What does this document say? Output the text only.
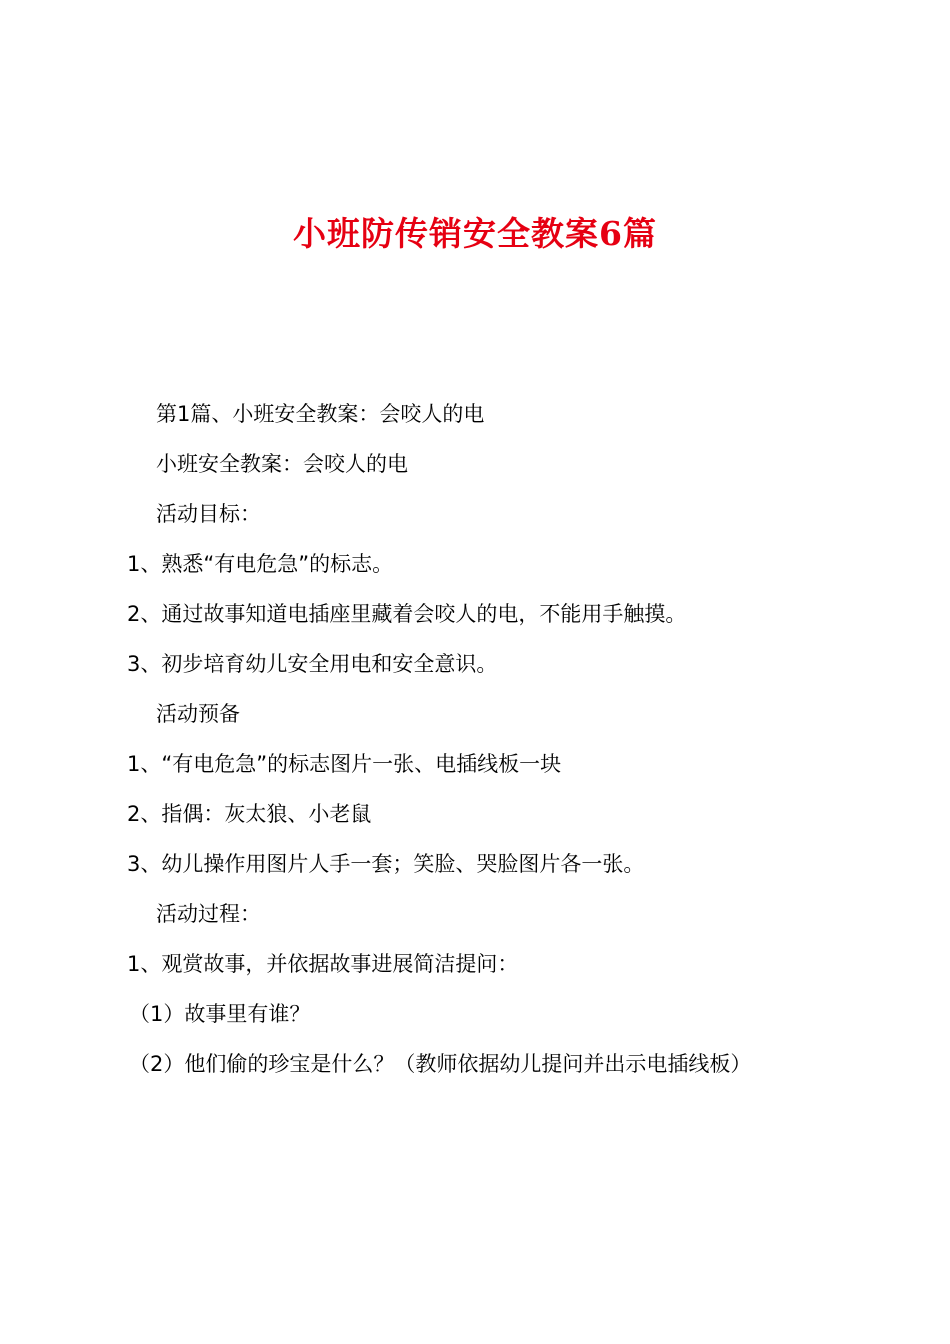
小班防传销安全教案6篇

第1篇、小班安全教案：会咬人的电

小班安全教案：会咬人的电

活动目标：

1、熟悉“有电危急”的标志。

2、通过故事知道电插座里藏着会咬人的电，不能用手触摸。

3、初步培育幼儿安全用电和安全意识。

活动预备

1、“有电危急”的标志图片一张、电插线板一块

2、指偶：灰太狼、小老鼠

3、幼儿操作用图片人手一套；笑脸、哭脸图片各一张。

活动过程：

1、观赏故事，并依据故事进展简洁提问：

（1）故事里有谁？

（2）他们偷的珍宝是什么？（教师依据幼儿提问并出示电插线板）
